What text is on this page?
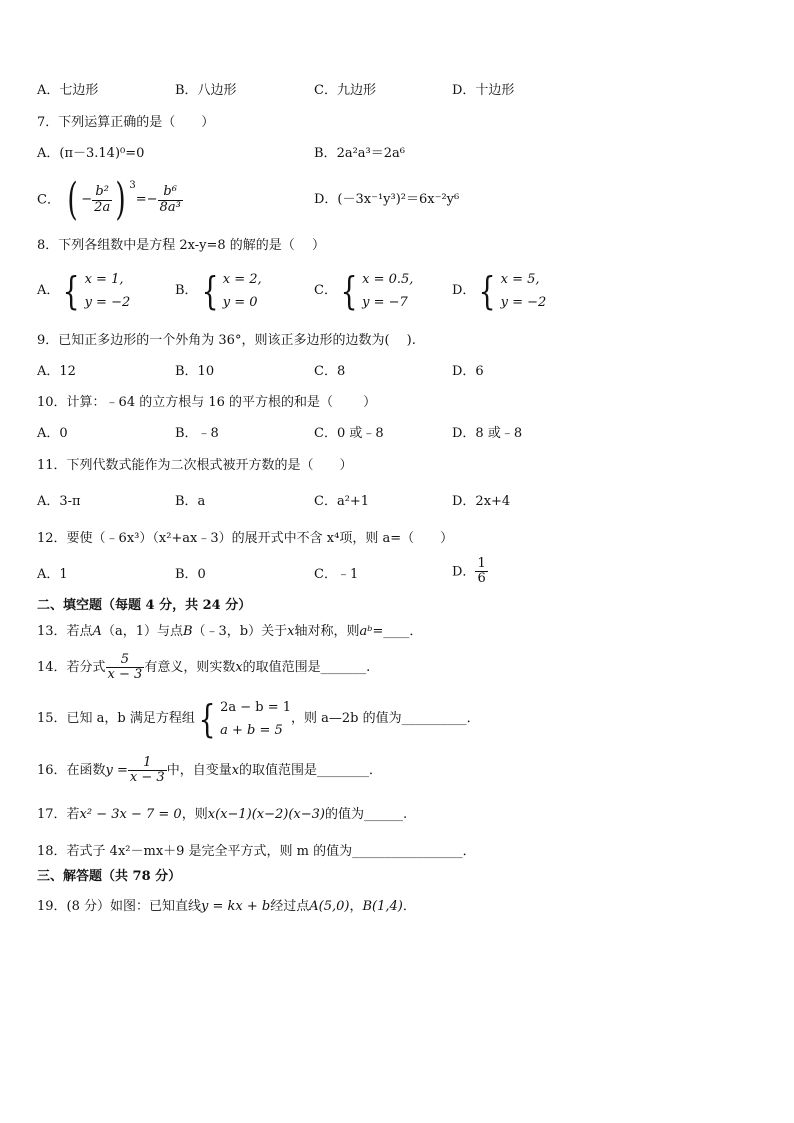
A．七边形	B．八边形	C．九边形	D．十边形
7．下列运算正确的是（　　）
A．(π－3.14)⁰=0	B．2a²a³＝2a⁶
C． ( − $\frac{\text{b²}}{2a}$ ) $^3=- \frac{\text{b⁶}}{\text{8a³}}$	D．(－3x⁻¹y³)²＝6x⁻²y⁶
8．下列各组数中是方程 2x-y=8 的解的是（　 ）
A． { x = 1,
y = −2
B． { x = 2,
y = 0
C． { x = 0.5,
y = −7
D． { x = 5,
y = −2
9．已知正多边形的一个外角为 36°，则该正多边形的边数为(　 ).
A．12	B．10	C．8	D．6
10．计算：﹣64 的立方根与 16 的平方根的和是（　　 ）
A．0	B．﹣8	C．0 或﹣8	D．8 或﹣8
11．下列代数式能作为二次根式被开方数的是（　　）
A．3-π	B．a	C．a²+1	D．2x+4
12．要使（﹣6x³）（x²+ax﹣3）的展开式中不含 x⁴项，则 a=（　　）
A．1	B．0	C．﹣1	D． $\frac{1}{6}$
二、填空题（每题 4 分，共 24 分）
13．若点A（a，1）与点B（﹣3，b）关于x轴对称，则aᵇ=____．
14．若分式 $\frac{5}{x - 3}$ 有意义，则实数x的取值范围是_______.
15．已知 a，b 满足方程组 { 2a − b = 1
a + b = 5
，则 a—2b 的值为__________．
16．在函数$y = \frac{1}{x - 3}$ 中，自变量x的取值范围是________．
17．若x² − 3x − 7 = 0，则x(x−1)(x−2)(x−3)的值为______.
18．若式子 4x²－mx＋9 是完全平方式，则 m 的值为_________________．
三、解答题（共 78 分）
19．(8 分）如图：已知直线y = kx + b经过点A(5,0)，B(1,4)．
